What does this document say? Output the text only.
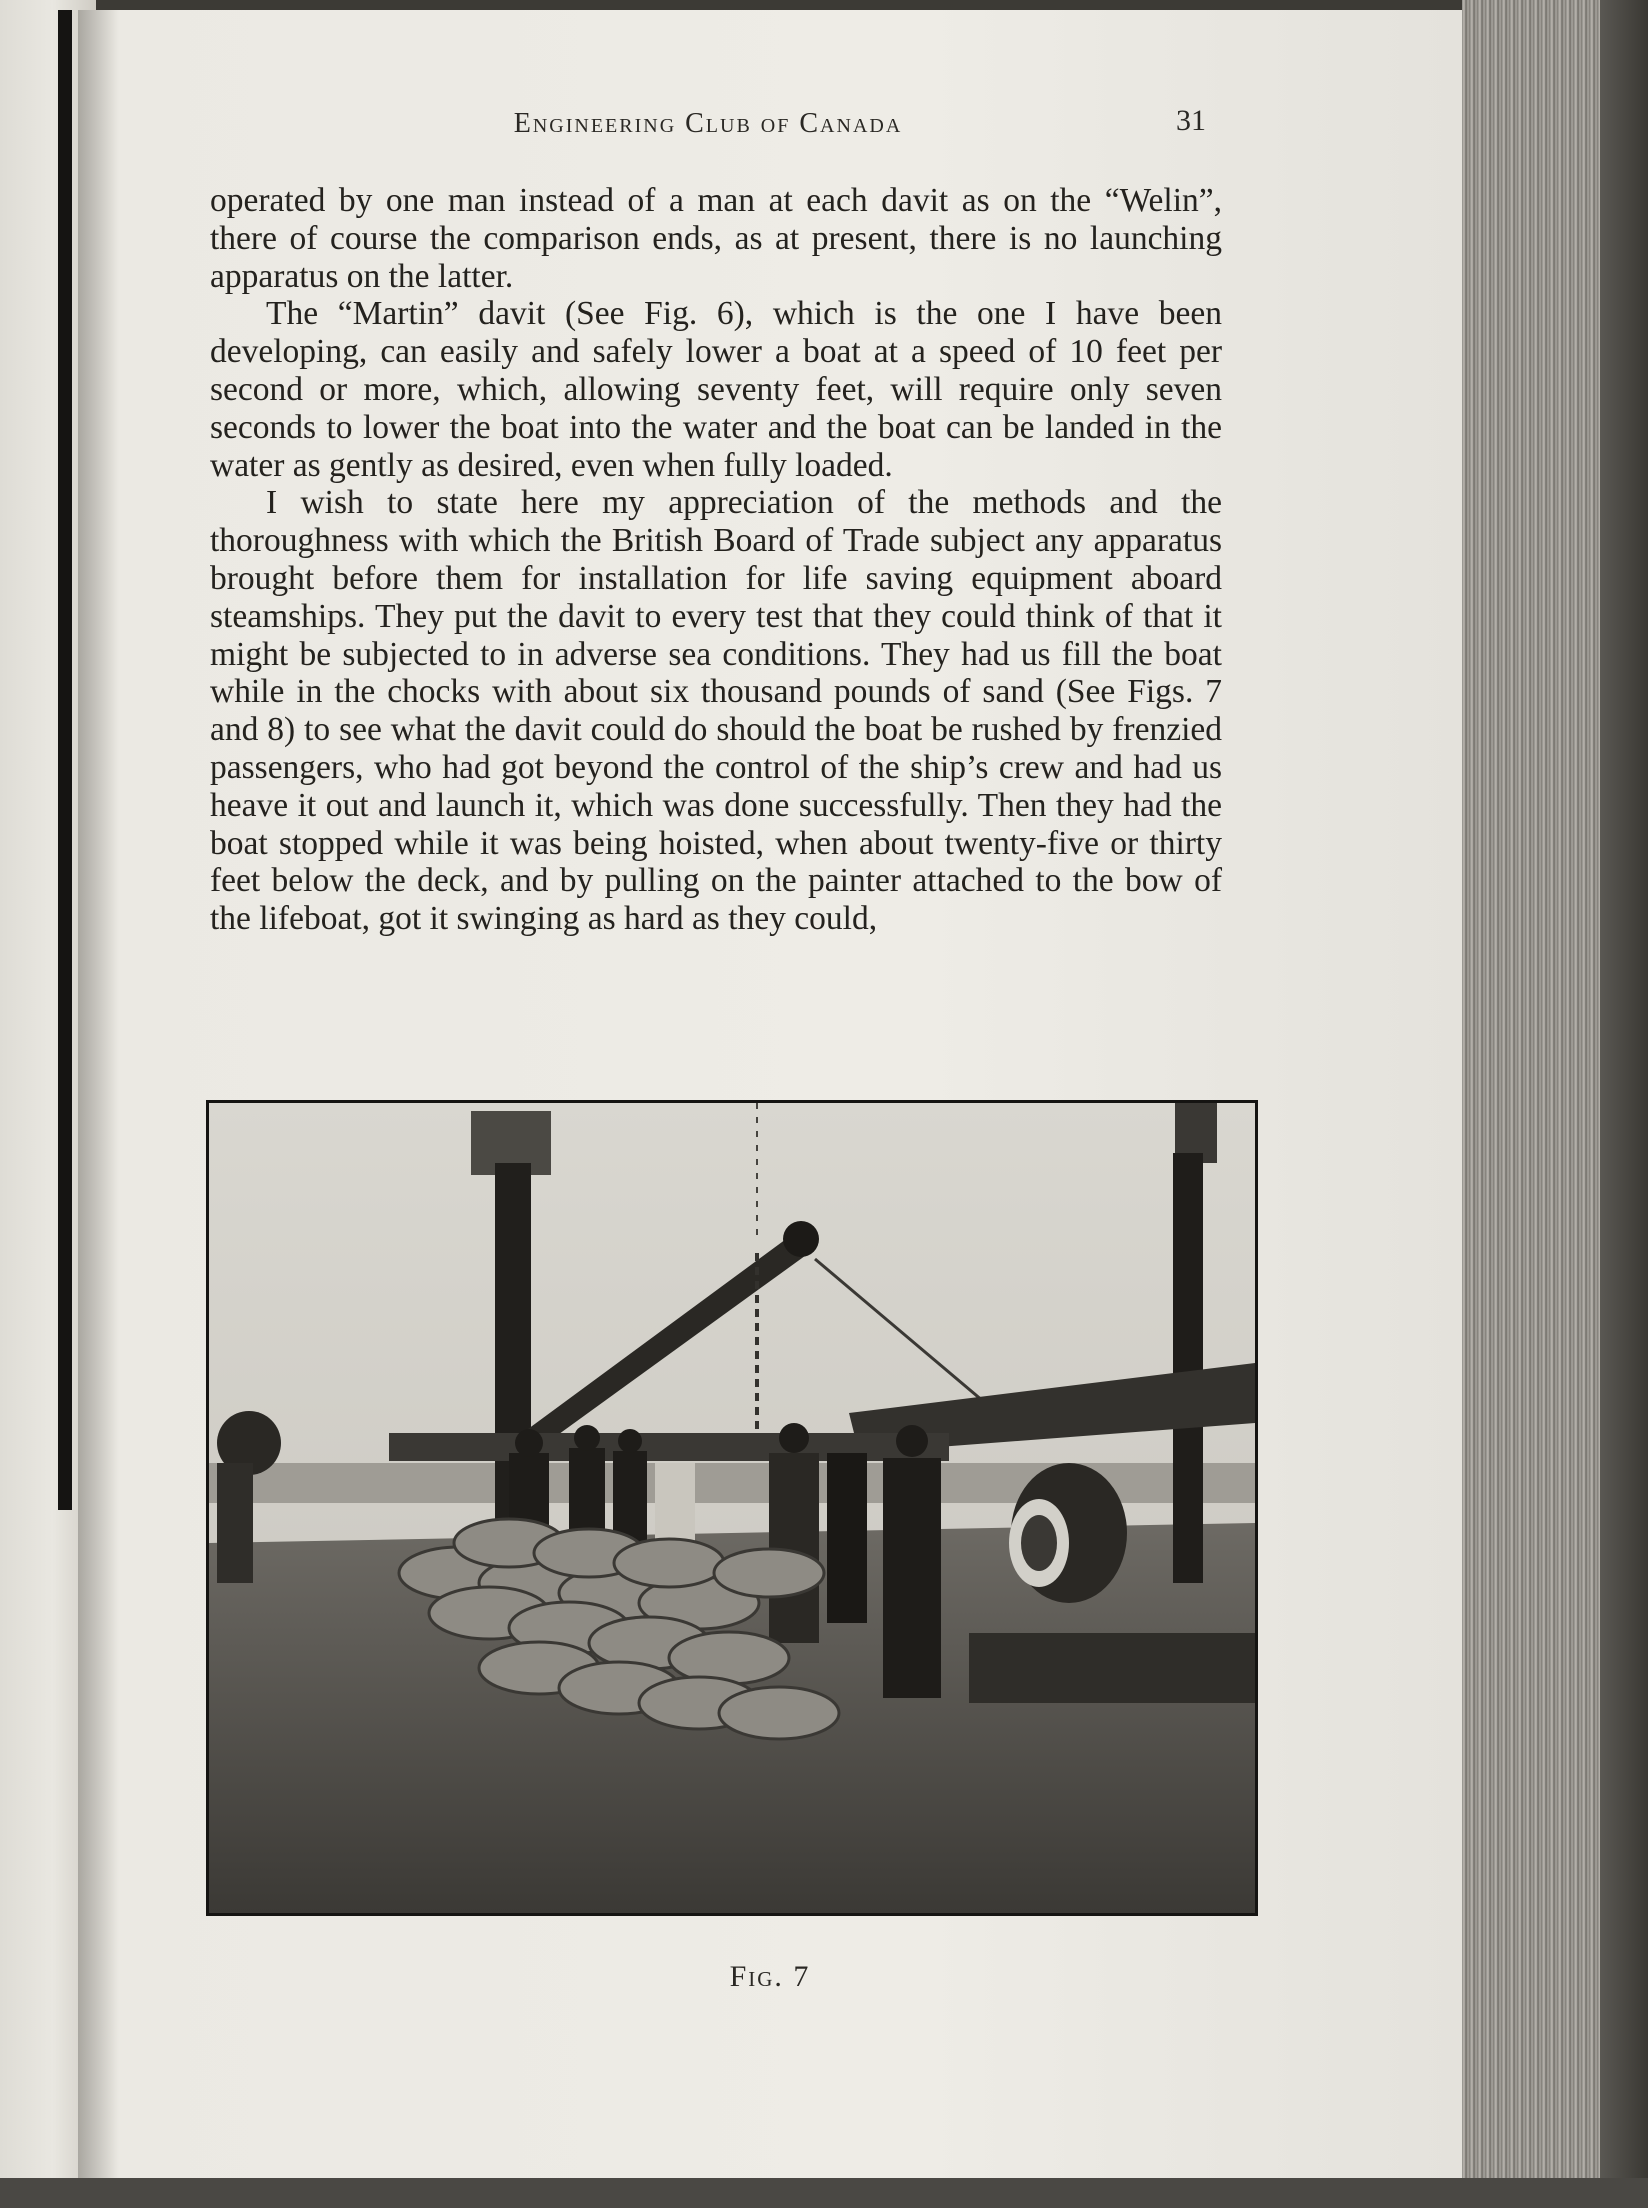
Engineering Club of Canada	31

operated by one man instead of a man at each davit as on the “Welin”, there of course the comparison ends, as at present, there is no launching apparatus on the latter.

The “Martin” davit (See Fig. 6), which is the one I have been developing, can easily and safely lower a boat at a speed of 10 feet per second or more, which, allowing seventy feet, will require only seven seconds to lower the boat into the water and the boat can be landed in the water as gently as desired, even when fully loaded.

I wish to state here my appreciation of the methods and the thoroughness with which the British Board of Trade subject any apparatus brought before them for installation for life saving equipment aboard steamships. They put the davit to every test that they could think of that it might be subjected to in adverse sea conditions. They had us fill the boat while in the chocks with about six thousand pounds of sand (See Figs. 7 and 8) to see what the davit could do should the boat be rushed by frenzied passengers, who had got beyond the control of the ship’s crew and had us heave it out and launch it, which was done successfully. Then they had the boat stopped while it was being hoisted, when about twenty-five or thirty feet below the deck, and by pulling on the painter attached to the bow of the lifeboat, got it swinging as hard as they could,

Fig. 7
